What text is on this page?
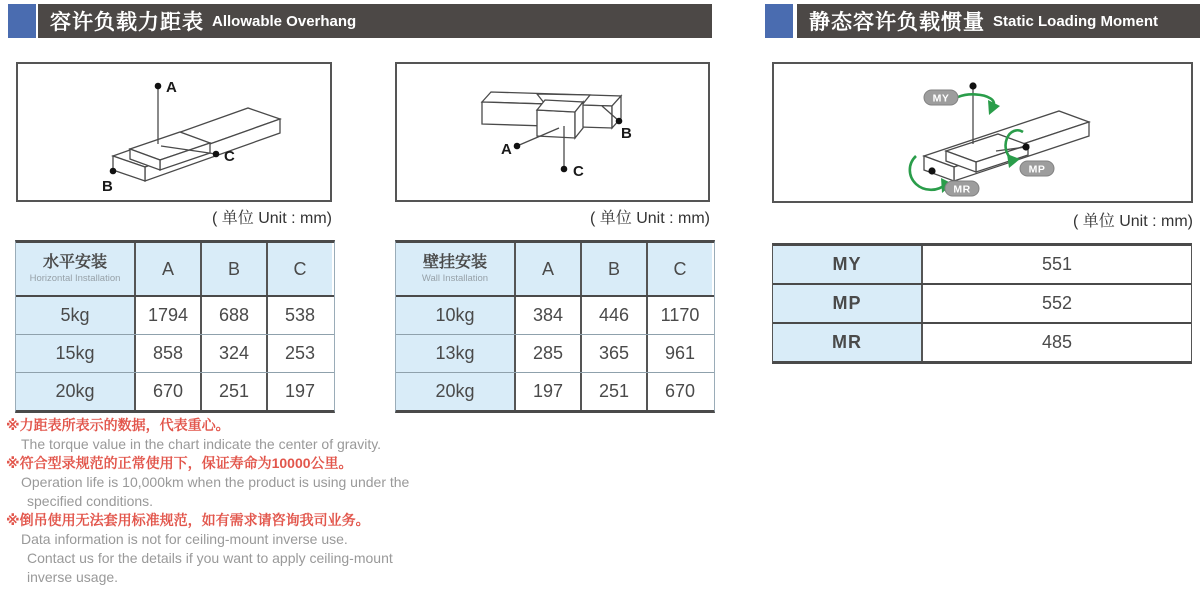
容许负载力距表 Allowable Overhang	静态容许负载惯量 Static Loading Moment
A
C
B
( 单位 Unit : mm)
B
A
C
( 单位 Unit : mm)
MY
MP
MR
( 单位 Unit : mm)
水平安装
Horizontal Installation	A	B	C
5kg	1794	688	538
15kg	858	324	253
20kg	670	251	197
壁挂安装
Wall Installation	A	B	C
10kg	384	446	1170
13kg	285	365	961
20kg	197	251	670
MY	551
MP	552
MR	485
※力距表所表示的数据，代表重心。
The torque value in the chart indicate the center of gravity.
※符合型录规范的正常使用下，保证寿命为10000公里。
Operation life is 10,000km when the product is using under the
specified conditions.
※倒吊使用无法套用标准规范，如有需求请咨询我司业务。
Data information is not for ceiling-mount inverse use.
Contact us for the details if you want to apply ceiling-mount
inverse usage.
